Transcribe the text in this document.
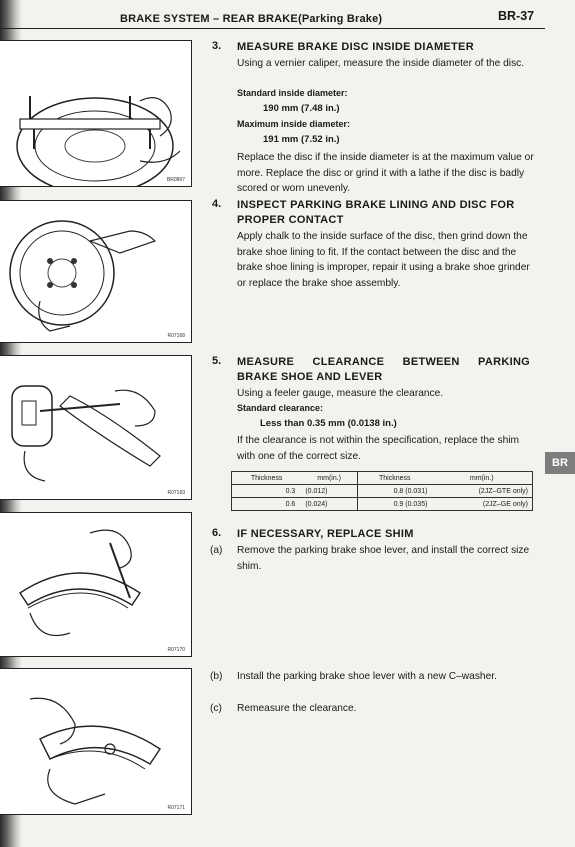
BRAKE SYSTEM – REAR BRAKE(Parking Brake)	BR-37
BR0897
R07168
R07169
R07170
R07171
3. MEASURE BRAKE DISC INSIDE DIAMETER
Using a vernier caliper, measure the inside diameter of the disc.
Standard inside diameter:
190 mm (7.48 in.)
Maximum inside diameter:
191 mm (7.52 in.)
Replace the disc if the inside diameter is at the maximum value or more. Replace the disc or grind it with a lathe if the disc is badly scored or worn unevenly.
4. INSPECT PARKING BRAKE LINING AND DISC FOR
PROPER CONTACT
Apply chalk to the inside surface of the disc, then grind down the brake shoe lining to fit. If the contact between the disc and the brake shoe lining is improper, repair it using a brake shoe grinder or replace the brake shoe assembly.
5. MEASURE CLEARANCE BETWEEN PARKING
BRAKE SHOE AND LEVER
Using a feeler gauge, measure the clearance.
Standard clearance:
Less than 0.35 mm (0.0138 in.)
If the clearance is not within the specification, replace the shim with one of the correct size.
BR
Thickness	mm(in.)	Thickness	mm(in.)
0.3	(0.012)	0.8 (0.031)	(2JZ–GTE only)
0.6	(0.024)	0.9 (0.035)	(2JZ–GE only)
6. IF NECESSARY, REPLACE SHIM
(a) Remove the parking brake shoe lever, and install the correct size shim.
(b) Install the parking brake shoe lever with a new C–washer.
(c) Remeasure the clearance.
